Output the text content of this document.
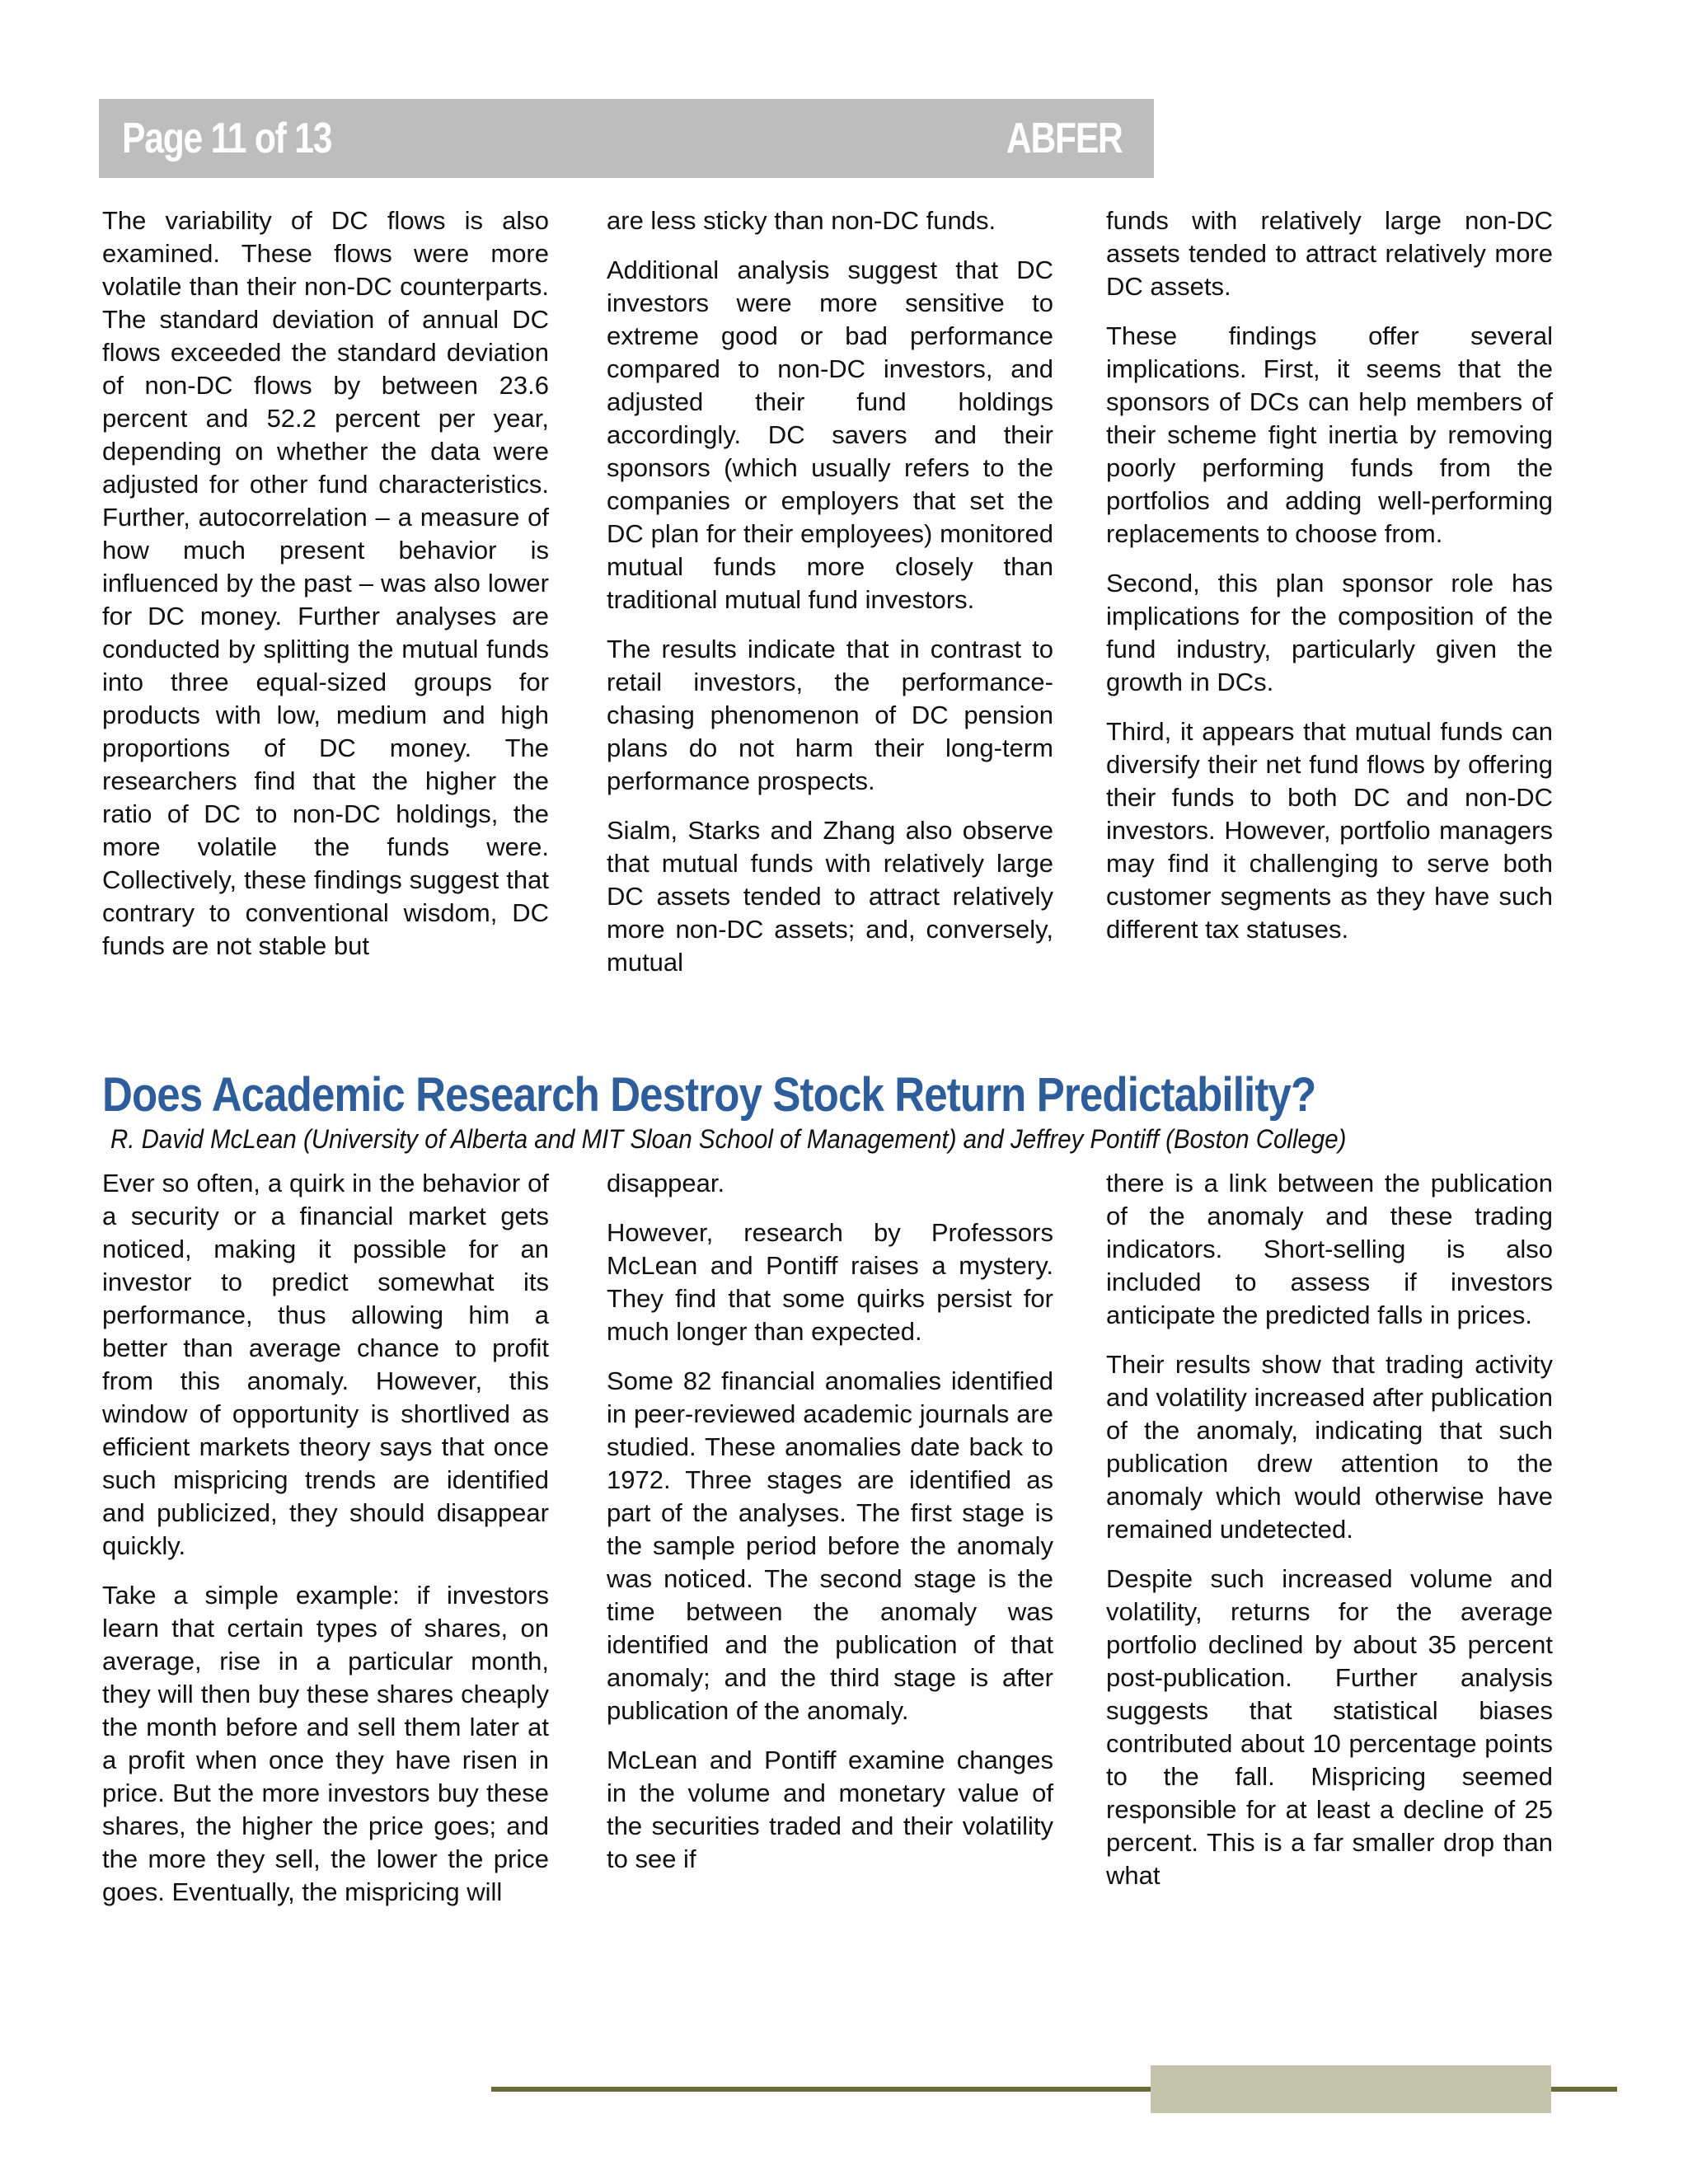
Page 11 of 13	ABFER

The variability of DC flows is also examined. These flows were more volatile than their non-DC counterparts. The standard deviation of annual DC flows exceeded the standard deviation of non-DC flows by between 23.6 percent and 52.2 percent per year, depending on whether the data were adjusted for other fund characteristics. Further, autocorrelation – a measure of how much present behavior is influenced by the past – was also lower for DC money. Further analyses are conducted by splitting the mutual funds into three equal-sized groups for products with low, medium and high proportions of DC money. The researchers find that the higher the ratio of DC to non-DC holdings, the more volatile the funds were. Collectively, these findings suggest that contrary to conventional wisdom, DC funds are not stable but

are less sticky than non-DC funds.

Additional analysis suggest that DC investors were more sensitive to extreme good or bad performance compared to non-DC investors, and adjusted their fund holdings accordingly. DC savers and their sponsors (which usually refers to the companies or employers that set the DC plan for their employees) monitored mutual funds more closely than traditional mutual fund investors.

The results indicate that in contrast to retail investors, the performance-chasing phenomenon of DC pension plans do not harm their long-term performance prospects.

Sialm, Starks and Zhang also observe that mutual funds with relatively large DC assets tended to attract relatively more non-DC assets; and, conversely, mutual

funds with relatively large non-DC assets tended to attract relatively more DC assets.

These findings offer several implications. First, it seems that the sponsors of DCs can help members of their scheme fight inertia by removing poorly performing funds from the portfolios and adding well-performing replacements to choose from.

Second, this plan sponsor role has implications for the composition of the fund industry, particularly given the growth in DCs.

Third, it appears that mutual funds can diversify their net fund flows by offering their funds to both DC and non-DC investors. However, portfolio managers may find it challenging to serve both customer segments as they have such different tax statuses.

Does Academic Research Destroy Stock Return Predictability?

R. David McLean (University of Alberta and MIT Sloan School of Management) and Jeffrey Pontiff (Boston College)

Ever so often, a quirk in the behavior of a security or a financial market gets noticed, making it possible for an investor to predict somewhat its performance, thus allowing him a better than average chance to profit from this anomaly. However, this window of opportunity is shortlived as efficient markets theory says that once such mispricing trends are identified and publicized, they should disappear quickly.

Take a simple example: if investors learn that certain types of shares, on average, rise in a particular month, they will then buy these shares cheaply the month before and sell them later at a profit when once they have risen in price. But the more investors buy these shares, the higher the price goes; and the more they sell, the lower the price goes. Eventually, the mispricing will

disappear.

However, research by Professors McLean and Pontiff raises a mystery. They find that some quirks persist for much longer than expected.

Some 82 financial anomalies identified in peer-reviewed academic journals are studied. These anomalies date back to 1972. Three stages are identified as part of the analyses. The first stage is the sample period before the anomaly was noticed. The second stage is the time between the anomaly was identified and the publication of that anomaly; and the third stage is after publication of the anomaly.

McLean and Pontiff examine changes in the volume and monetary value of the securities traded and their volatility to see if

there is a link between the publication of the anomaly and these trading indicators. Short-selling is also included to assess if investors anticipate the predicted falls in prices.

Their results show that trading activity and volatility increased after publication of the anomaly, indicating that such publication drew attention to the anomaly which would otherwise have remained undetected.

Despite such increased volume and volatility, returns for the average portfolio declined by about 35 percent post-publication. Further analysis suggests that statistical biases contributed about 10 percentage points to the fall. Mispricing seemed responsible for at least a decline of 25 percent. This is a far smaller drop than what
